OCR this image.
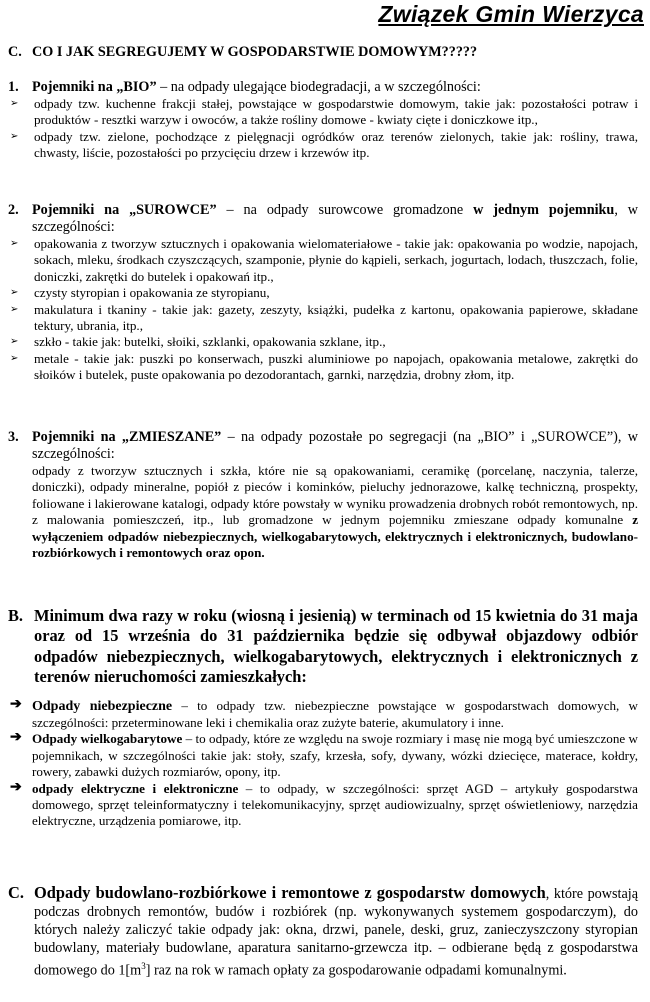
Związek Gmin Wierzyca
C. CO I JAK SEGREGUJEMY W GOSPODARSTWIE DOMOWYM?????
1. Pojemniki na „BIO” – na odpady ulegające biodegradacji, a w szczególności:
➢ odpady tzw. kuchenne frakcji stałej, powstające w gospodarstwie domowym, takie jak: pozostałości potraw i produktów - resztki warzyw i owoców, a także rośliny domowe - kwiaty cięte i doniczkowe itp.,
➢ odpady tzw. zielone, pochodzące z pielęgnacji ogródków oraz terenów zielonych, takie jak: rośliny, trawa, chwasty, liście, pozostałości po przycięciu drzew i krzewów itp.
2. Pojemniki na „SUROWCE” – na odpady surowcowe gromadzone w jednym pojemniku, w szczególności:
➢ opakowania z tworzyw sztucznych i opakowania wielomateriałowe - takie jak: opakowania po wodzie, napojach, sokach, mleku, środkach czyszczących, szamponie, płynie do kąpieli, serkach, jogurtach, lodach, tłuszczach, folie, doniczki, zakrętki do butelek i opakowań itp.,
➢ czysty styropian i opakowania ze styropianu,
➢ makulatura i tkaniny - takie jak: gazety, zeszyty, książki, pudełka z kartonu, opakowania papierowe, składane tektury, ubrania, itp.,
➢ szkło - takie jak: butelki, słoiki, szklanki, opakowania szklane, itp.,
➢ metale - takie jak: puszki po konserwach, puszki aluminiowe po napojach, opakowania metalowe, zakrętki do słoików i butelek, puste opakowania po dezodorantach, garnki, narzędzia, drobny złom, itp.
3. Pojemniki na „ZMIESZANE” – na odpady pozostałe po segregacji (na „BIO” i „SUROWCE”), w szczególności:
odpady z tworzyw sztucznych i szkła, które nie są opakowaniami, ceramikę (porcelanę, naczynia, talerze, doniczki), odpady mineralne, popiół z pieców i kominków, pieluchy jednorazowe, kalkę techniczną, prospekty, foliowane i lakierowane katalogi, odpady które powstały w wyniku prowadzenia drobnych robót remontowych, np. z malowania pomieszczeń, itp., lub gromadzone w jednym pojemniku zmieszane odpady komunalne z wyłączeniem odpadów niebezpiecznych, wielkogabarytowych, elektrycznych i elektronicznych, budowlano-rozbiórkowych i remontowych oraz opon.
B. Minimum dwa razy w roku (wiosną i jesienią) w terminach od 15 kwietnia do 31 maja oraz od 15 września do 31 października będzie się odbywał objazdowy odbiór odpadów niebezpiecznych, wielkogabarytowych, elektrycznych i elektronicznych z terenów nieruchomości zamieszkałych:
➔ Odpady niebezpieczne – to odpady tzw. niebezpieczne powstające w gospodarstwach domowych, w szczególności: przeterminowane leki i chemikalia oraz zużyte baterie, akumulatory i inne.
➔ Odpady wielkogabarytowe – to odpady, które ze względu na swoje rozmiary i masę nie mogą być umieszczone w pojemnikach, w szczególności takie jak: stoły, szafy, krzesła, sofy, dywany, wózki dziecięce, materace, kołdry, rowery, zabawki dużych rozmiarów, opony, itp.
➔ odpady elektryczne i elektroniczne – to odpady, w szczególności: sprzęt AGD – artykuły gospodarstwa domowego, sprzęt teleinformatyczny i telekomunikacyjny, sprzęt audiowizualny, sprzęt oświetleniowy, narzędzia elektryczne, urządzenia pomiarowe, itp.
C. Odpady budowlano-rozbiórkowe i remontowe z gospodarstw domowych, które powstają podczas drobnych remontów, budów i rozbiórek (np. wykonywanych systemem gospodarczym), do których należy zaliczyć takie odpady jak: okna, drzwi, panele, deski, gruz, zanieczyszczony styropian budowlany, materiały budowlane, aparatura sanitarno-grzewcza itp. – odbierane będą z gospodarstwa domowego do $1[m^3]$ raz na rok w ramach opłaty za gospodarowanie odpadami komunalnymi.
